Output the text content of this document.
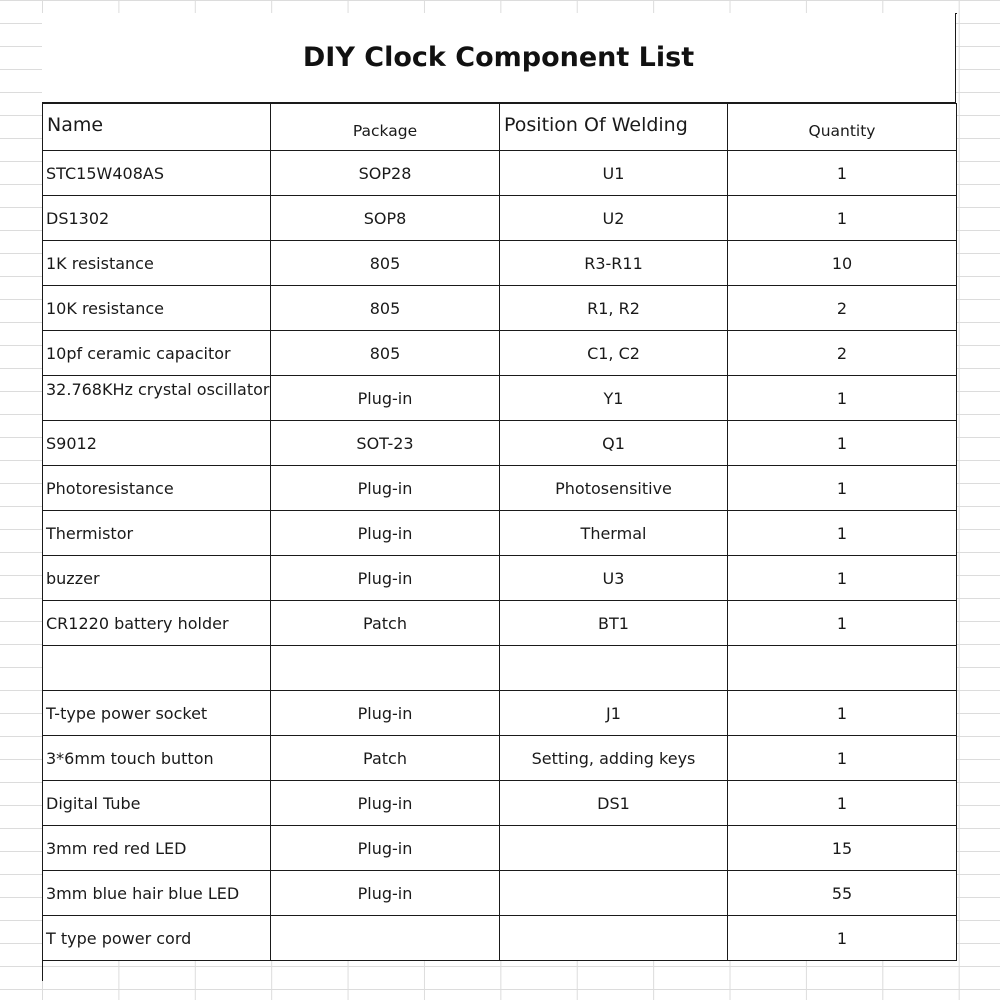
DIY Clock Component List
Name	Package	Position Of Welding	Quantity
STC15W408AS	SOP28	U1	1
DS1302	SOP8	U2	1
1K resistance	805	R3-R11	10
10K resistance	805	R1, R2	2
10pf ceramic capacitor	805	C1, C2	2
32.768KHz crystal oscillator	Plug-in	Y1	1
S9012	SOT-23	Q1	1
Photoresistance	Plug-in	Photosensitive	1
Thermistor	Plug-in	Thermal	1
buzzer	Plug-in	U3	1
CR1220 battery holder	Patch	BT1	1

T-type power socket	Plug-in	J1	1
3*6mm touch button	Patch	Setting, adding keys	1
Digital Tube	Plug-in	DS1	1
3mm red red LED	Plug-in		15
3mm blue hair blue LED	Plug-in		55
T type power cord			1
